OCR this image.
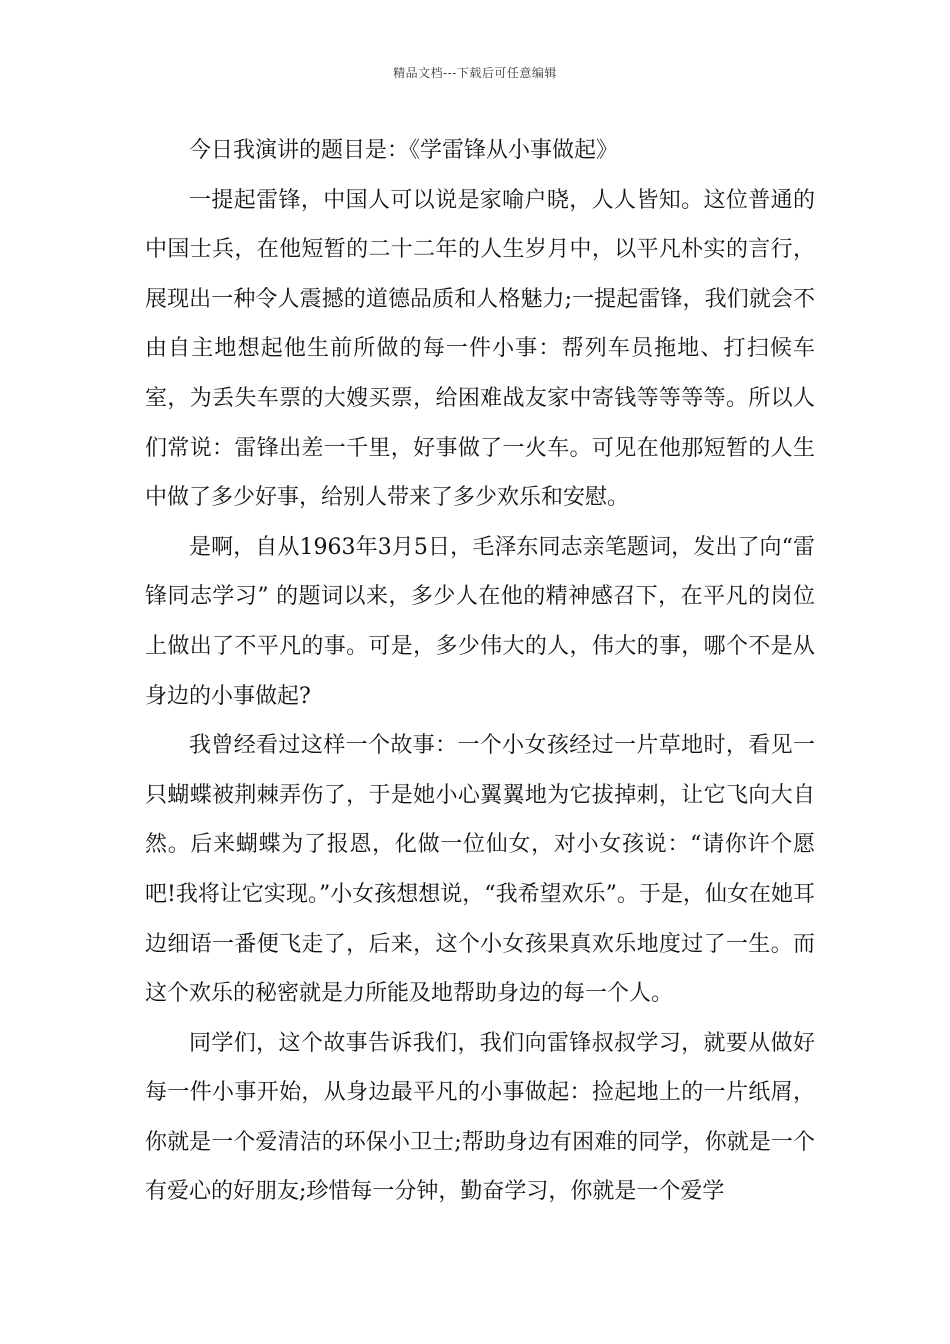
精品文档---下载后可任意编辑

今日我演讲的题目是：《学雷锋从小事做起》

一提起雷锋，中国人可以说是家喻户晓，人人皆知。这位普通的中国士兵，在他短暂的二十二年的人生岁月中，以平凡朴实的言行，展现出一种令人震撼的道德品质和人格魅力;一提起雷锋，我们就会不由自主地想起他生前所做的每一件小事：帮列车员拖地、打扫候车室，为丢失车票的大嫂买票，给困难战友家中寄钱等等等等。所以人们常说：雷锋出差一千里，好事做了一火车。可见在他那短暂的人生中做了多少好事，给别人带来了多少欢乐和安慰。

是啊，自从1963年3月5日，毛泽东同志亲笔题词，发出了向“雷锋同志学习” 的题词以来，多少人在他的精神感召下，在平凡的岗位上做出了不平凡的事。可是，多少伟大的人，伟大的事，哪个不是从身边的小事做起?

我曾经看过这样一个故事：一个小女孩经过一片草地时，看见一只蝴蝶被荆棘弄伤了，于是她小心翼翼地为它拔掉刺，让它飞向大自然。后来蝴蝶为了报恩，化做一位仙女，对小女孩说：“请你许个愿吧!我将让它实现。”小女孩想想说，“我希望欢乐”。于是，仙女在她耳边细语一番便飞走了，后来，这个小女孩果真欢乐地度过了一生。而这个欢乐的秘密就是力所能及地帮助身边的每一个人。

同学们，这个故事告诉我们，我们向雷锋叔叔学习，就要从做好每一件小事开始，从身边最平凡的小事做起：捡起地上的一片纸屑，你就是一个爱清洁的环保小卫士;帮助身边有困难的同学，你就是一个有爱心的好朋友;珍惜每一分钟，勤奋学习，你就是一个爱学
